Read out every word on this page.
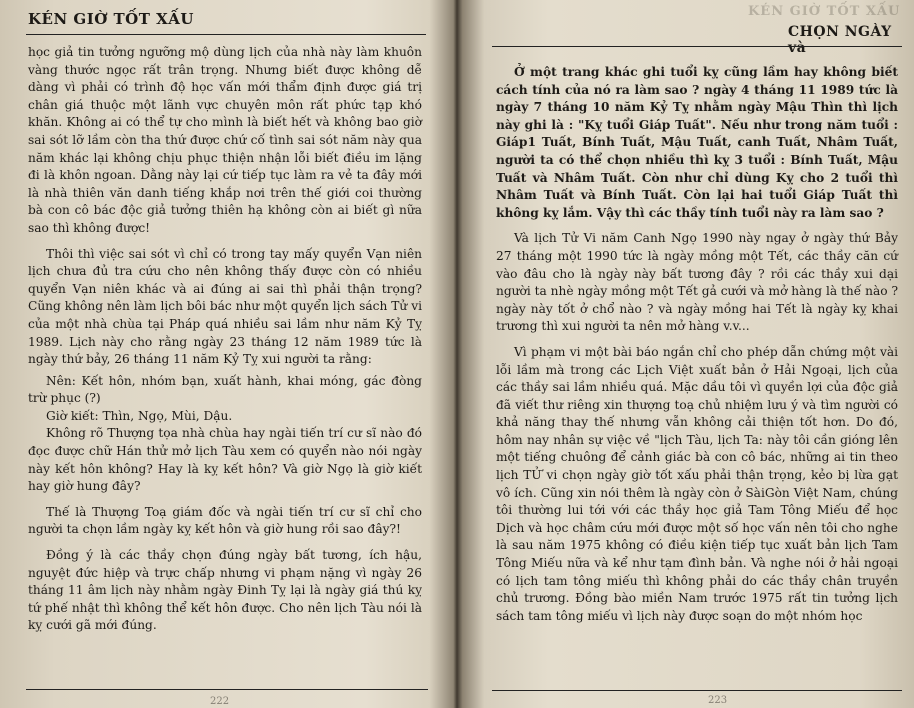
KÉN GIỜ TỐT XẤU

học giả tin tưởng ngưỡng mộ dùng lịch của nhà này làm khuôn vàng thước ngọc rất trân trọng. Nhưng biết được không dễ dàng vì phải có trình độ học vấn mới thẩm định được giá trị chân giá thuộc một lãnh vực chuyên môn rất phức tạp khó khăn. Không ai có thể tự cho mình là biết hết và không bao giờ sai sót lỡ lầm còn tha thứ được chứ cố tình sai sót năm này qua năm khác lại không chịu phục thiện nhận lỗi biết điều im lặng đi là khôn ngoan. Dằng này lại cứ tiếp tục làm ra vẻ ta đây mới là nhà thiên văn danh tiếng khắp nơi trên thế giới coi thường bà con cô bác độc giả tưởng thiên hạ không còn ai biết gì nữa sao thì không được!

Thôi thì việc sai sót vì chỉ có trong tay mấy quyển Vạn niên lịch chưa đủ tra cứu cho nên không thấy được còn có nhiều quyển Vạn niên khác và ai đúng ai sai thì phải thận trọng? Cũng không nên làm lịch bôi bác như một quyển lịch sách Tử vi của một nhà chùa tại Pháp quá nhiều sai lầm như năm Kỷ Tỵ 1989. Lịch này cho rằng ngày 23 tháng 12 năm 1989 tức là ngày thứ bảy, 26 tháng 11 năm Kỷ Tỵ xui người ta rằng:

Nên: Kết hôn, nhóm bạn, xuất hành, khai móng, gác đòng trừ phục (?)

Giờ kiết: Thìn, Ngọ, Mùi, Dậu.

Không rõ Thượng tọa nhà chùa hay ngài tiến trí cư sĩ nào đó đọc được chữ Hán thử mở lịch Tàu xem có quyển nào nói ngày này kết hôn không? Hay là kỵ kết hôn? Và giờ Ngọ là giờ kiết hay giờ hung đây?

Thế là Thượng Toạ giám đốc và ngài tiến trí cư sĩ chỉ cho người ta chọn lầm ngày kỵ kết hôn và giờ hung rồi sao đây?!

Đồng ý là các thầy chọn đúng ngày bất tương, ích hậu, nguyệt đức hiệp và trực chấp nhưng vi phạm nặng vì ngày 26 tháng 11 âm lịch này nhằm ngày Đinh Tỵ lại là ngày giá thú kỵ tứ phế nhật thì không thể kết hôn được. Cho nên lịch Tàu nói là kỵ cưới gã mới đúng.

222
KÉN GIỜ TỐT XẤU
CHỌN NGÀY và

Ở một trang khác ghi tuổi kỵ cũng lầm hay không biết cách tính của nó ra làm sao ? ngày 4 tháng 11 1989 tức là ngày 7 tháng 10 năm Kỷ Tỵ nhằm ngày Mậu Thìn thì lịch này ghi là : "Kỵ tuổi Giáp Tuất". Nếu như trong năm tuổi : Giáp1 Tuất, Bính Tuất, Mậu Tuất, canh Tuất, Nhâm Tuất, người ta có thể chọn nhiều thì kỵ 3 tuổi : Bính Tuất, Mậu Tuất và Nhâm Tuất. Còn như chỉ dùng Kỵ cho 2 tuổi thì Nhâm Tuất và Bính Tuất. Còn lại hai tuổi Giáp Tuất thì không kỵ lắm. Vậy thì các thầy tính tuổi này ra làm sao ?

Và lịch Tử Vi năm Canh Ngọ 1990 này ngay ở ngày thứ Bảy 27 tháng một 1990 tức là ngày mồng một Tết, các thầy căn cứ vào đâu cho là ngày này bất tương đây ? rồi các thầy xui dại người ta nhè ngày mồng một Tết gả cưới và mở hàng là thế nào ? ngày này tốt ở chổ nào ? và ngày mồng hai Tết là ngày kỵ khai trương thì xui người ta nên mở hàng v.v...

Vì phạm vi một bài báo ngắn chỉ cho phép dẫn chứng một vài lỗi lầm mà trong các Lịch Việt xuất bản ở Hải Ngoại, lịch của các thầy sai lầm nhiều quá. Mặc dầu tôi vì quyền lợi của độc giả đã viết thư riêng xin thượng toạ chủ nhiệm lưu ý và tìm người có khả năng thay thế nhưng vẫn không cải thiện tốt hơn. Do đó, hôm nay nhân sự việc về "lịch Tàu, lịch Ta: này tôi cần gióng lên một tiếng chuông để cảnh giác bà con cô bác, những ai tin theo lịch TỬ vi chọn ngày giờ tốt xấu phải thận trọng, kẻo bị lừa gạt vô ích. Cũng xin nói thêm là ngày còn ở SàiGòn Việt Nam, chúng tôi thường lui tới với các thầy học giả Tam Tông Miếu để học Dịch và học châm cứu mới được một số học vấn nên tôi cho nghe là sau năm 1975 không có điều kiện tiếp tục xuất bản lịch Tam Tông Miếu nữa và kể như tạm đình bản. Và nghe nói ở hải ngoại có lịch tam tông miếu thì không phải do các thầy chân truyền chủ trương. Đồng bào miền Nam trước 1975 rất tin tưởng lịch sách tam tông miếu vì lịch này được soạn do một nhóm học

223
